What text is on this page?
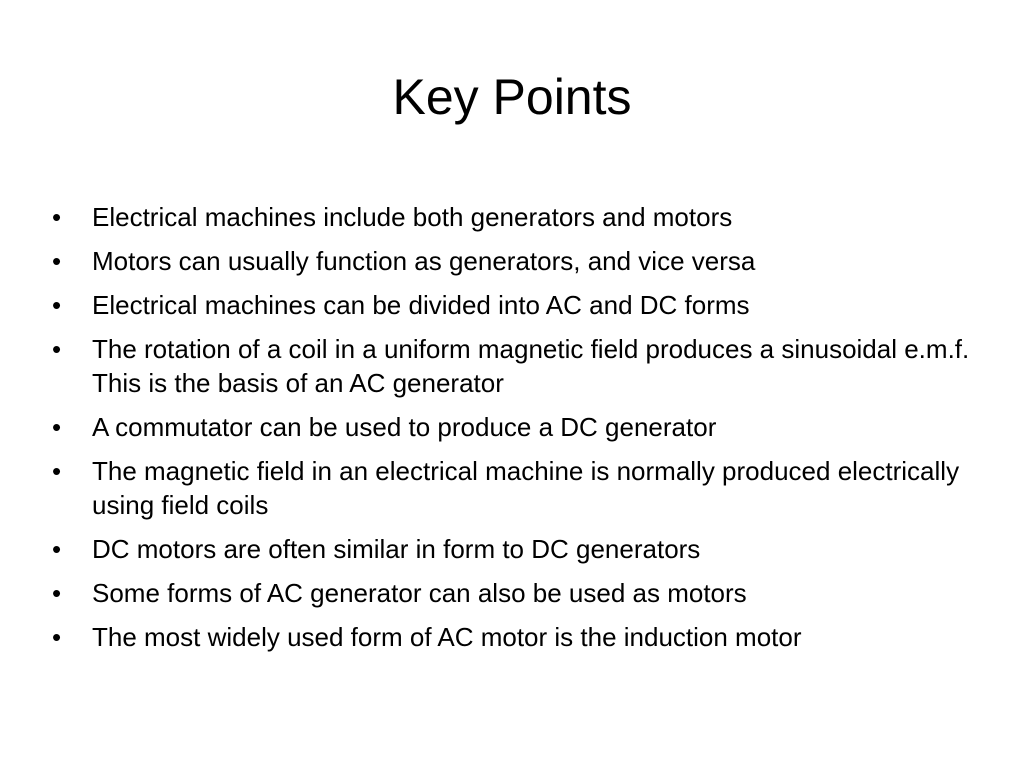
Key Points
•	Electrical machines include both generators and motors
•	Motors can usually function as generators, and vice versa
•	Electrical machines can be divided into AC and DC forms
•	The rotation of a coil in a uniform magnetic field produces a sinusoidal e.m.f. This is the basis of an AC generator
•	A commutator can be used to produce a DC generator
•	The magnetic field in an electrical machine is normally produced electrically using field coils
•	DC motors are often similar in form to DC generators
•	Some forms of AC generator can also be used as motors
•	The most widely used form of AC motor is the induction motor
